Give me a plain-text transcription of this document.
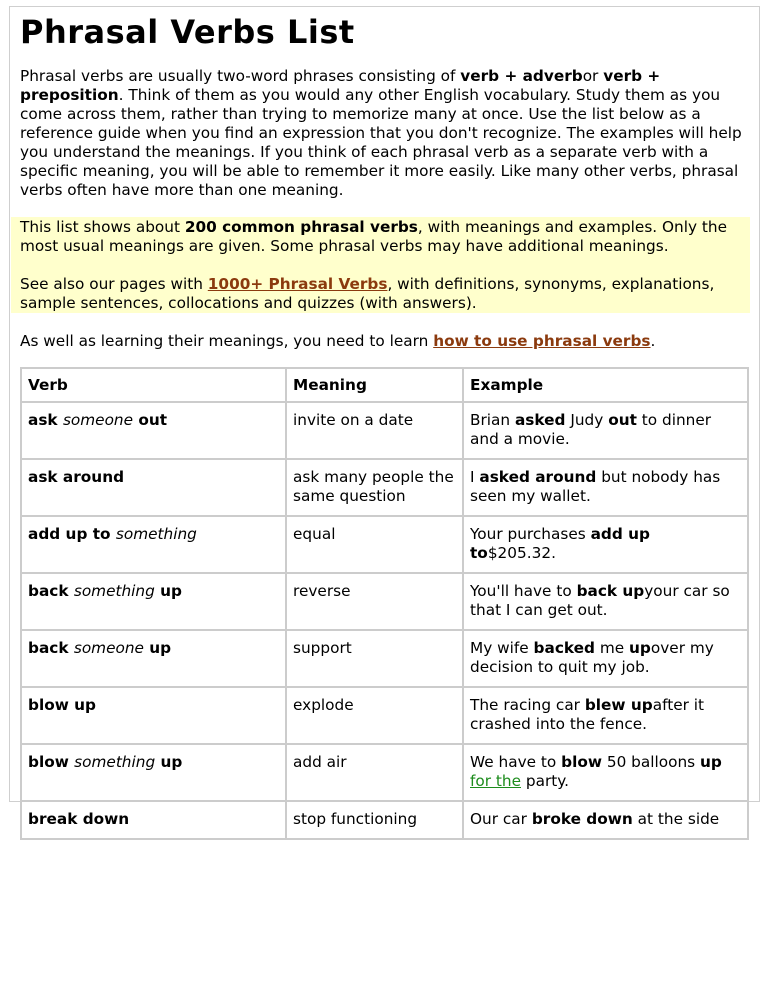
Phrasal Verbs List
Phrasal verbs are usually two-word phrases consisting of verb + adverbor verb + preposition. Think of them as you would any other English vocabulary. Study them as you come across them, rather than trying to memorize many at once. Use the list below as a reference guide when you find an expression that you don't recognize. The examples will help you understand the meanings. If you think of each phrasal verb as a separate verb with a specific meaning, you will be able to remember it more easily. Like many other verbs, phrasal verbs often have more than one meaning.
This list shows about 200 common phrasal verbs, with meanings and examples. Only the most usual meanings are given. Some phrasal verbs may have additional meanings.
See also our pages with 1000+ Phrasal Verbs, with definitions, synonyms, explanations, sample sentences, collocations and quizzes (with answers).
As well as learning their meanings, you need to learn how to use phrasal verbs.
Verb	Meaning	Example
ask someone out	invite on a date	Brian asked Judy out to dinner and a movie.
ask around	ask many people the same question	I asked around but nobody has seen my wallet.
add up to something	equal	Your purchases add up to$205.32.
back something up	reverse	You'll have to back upyour car so that I can get out.
back someone up	support	My wife backed me upover my decision to quit my job.
blow up	explode	The racing car blew upafter it crashed into the fence.
blow something up	add air	We have to blow 50 balloons up for the party.
break down	stop functioning	Our car broke down at the side
